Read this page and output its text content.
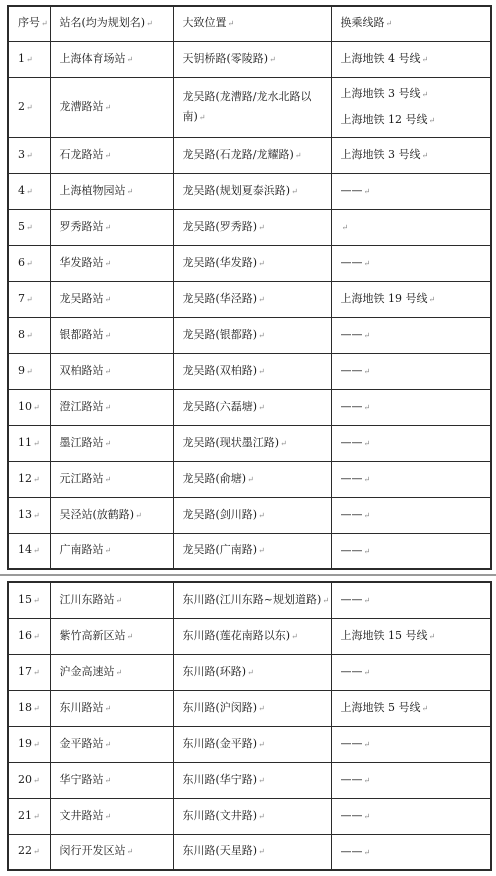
序号↵	站名(均为规划名)↵	大致位置↵	换乘线路↵
1↵	上海体育场站↵	天钥桥路(零陵路)↵	上海地铁 4 号线↵

2↵	龙漕路站↵	龙吴路(龙漕路/龙水北路以南)↵	上海地铁 3 号线↵
上海地铁 12 号线↵

3↵	石龙路站↵	龙吴路(石龙路/龙耀路)↵	上海地铁 3 号线↵

4↵	上海植物园站↵	龙吴路(规划夏泰浜路)↵	——↵

5↵	罗秀路站↵	龙吴路(罗秀路)↵	↵
6↵	华发路站↵	龙吴路(华发路)↵	——↵

7↵	龙吴路站↵	龙吴路(华泾路)↵	上海地铁 19 号线↵

8↵	银都路站↵	龙吴路(银都路)↵	——↵

9↵	双柏路站↵	龙吴路(双柏路)↵	——↵

10↵	澄江路站↵	龙吴路(六磊塘)↵	——↵

11↵	墨江路站↵	龙吴路(现状墨江路)↵	——↵

12↵	元江路站↵	龙吴路(俞塘)↵	——↵

13↵	吴泾站(放鹤路)↵	龙吴路(剑川路)↵	——↵

14↵	广南路站↵	龙吴路(广南路)↵	——↵
15↵	江川东路站↵	东川路(江川东路~规划道路)↵	——↵

16↵	紫竹高新区站↵	东川路(莲花南路以东)↵	上海地铁 15 号线↵

17↵	沪金高速站↵	东川路(环路)↵	——↵

18↵	东川路站↵	东川路(沪闵路)↵	上海地铁 5 号线↵

19↵	金平路站↵	东川路(金平路)↵	——↵

20↵	华宁路站↵	东川路(华宁路)↵	——↵

21↵	文井路站↵	东川路(文井路)↵	——↵

22↵	闵行开发区站↵	东川路(天星路)↵	——↵
